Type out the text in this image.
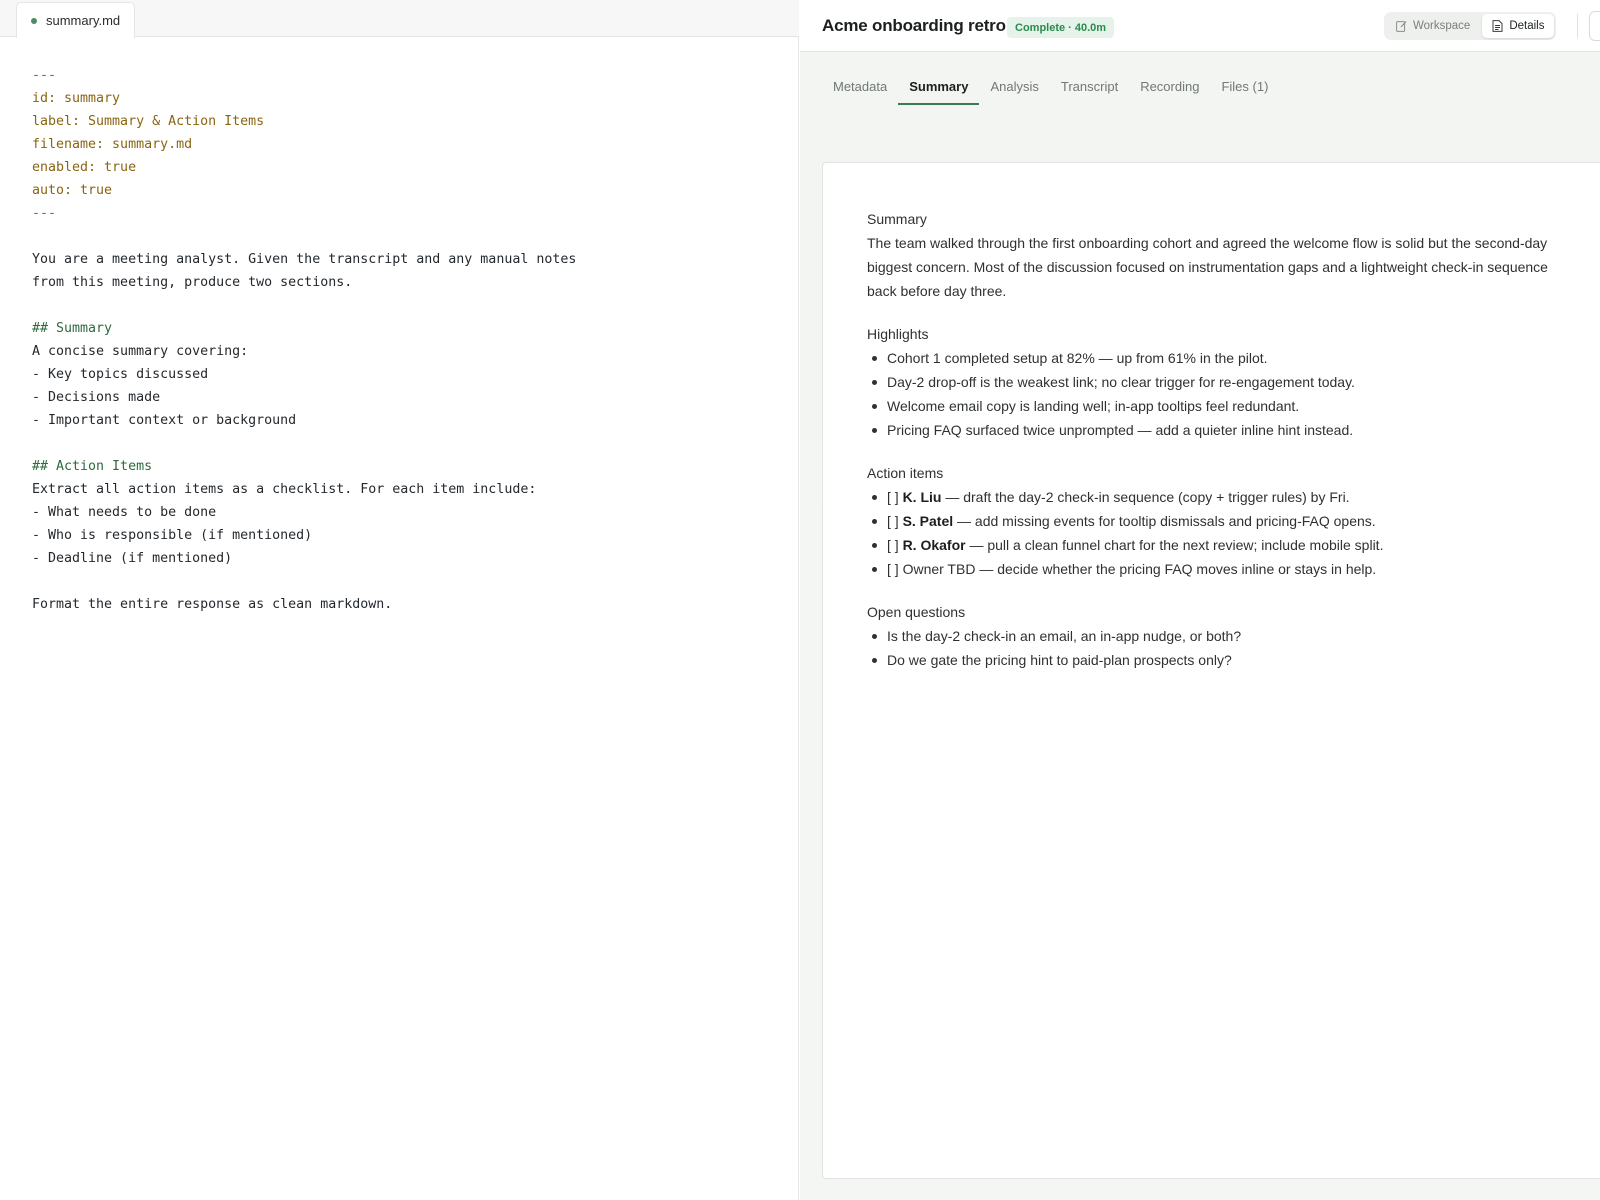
summary.md
---
id: summary
label: Summary & Action Items
filename: summary.md
enabled: true
auto: true
---
You are a meeting analyst. Given the transcript and any manual notes
from this meeting, produce two sections.
## Summary
A concise summary covering:
- Key topics discussed
- Decisions made
- Important context or background
## Action Items
Extract all action items as a checklist. For each item include:
- What needs to be done
- Who is responsible (if mentioned)
- Deadline (if mentioned)
Format the entire response as clean markdown.
Acme onboarding retro Complete · 40.0m	Workspace	Details
Metadata	Summary	Analysis	Transcript	Recording	Files (1)
Summary
The team walked through the first onboarding cohort and agreed the welcome flow is solid but the second-day
biggest concern. Most of the discussion focused on instrumentation gaps and a lightweight check-in sequence
back before day three.
Highlights
Cohort 1 completed setup at 82% — up from 61% in the pilot.
Day-2 drop-off is the weakest link; no clear trigger for re-engagement today.
Welcome email copy is landing well; in-app tooltips feel redundant.
Pricing FAQ surfaced twice unprompted — add a quieter inline hint instead.
Action items
[ ] K. Liu — draft the day-2 check-in sequence (copy + trigger rules) by Fri.
[ ] S. Patel — add missing events for tooltip dismissals and pricing-FAQ opens.
[ ] R. Okafor — pull a clean funnel chart for the next review; include mobile split.
[ ] Owner TBD — decide whether the pricing FAQ moves inline or stays in help.
Open questions
Is the day-2 check-in an email, an in-app nudge, or both?
Do we gate the pricing hint to paid-plan prospects only?
